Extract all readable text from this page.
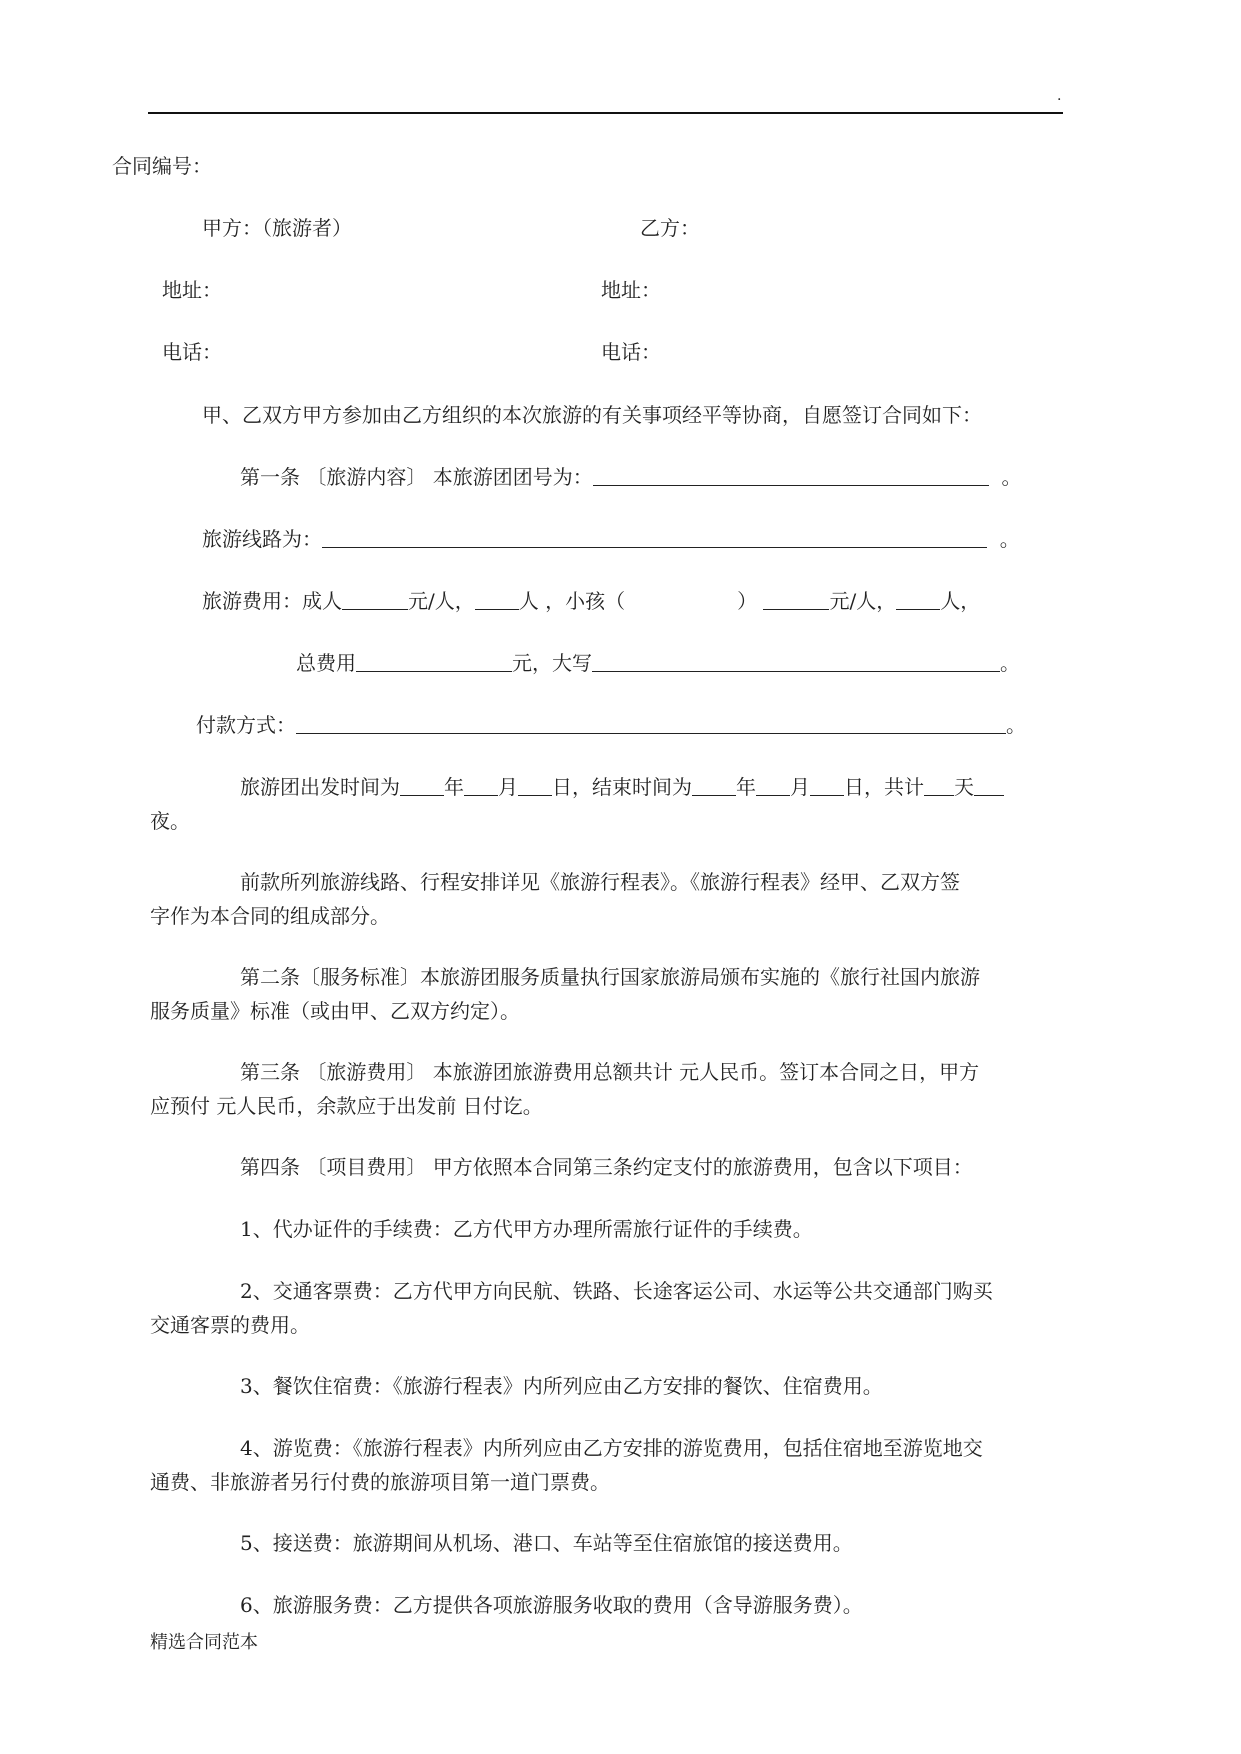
.
合同编号：
甲方：（旅游者）	乙方：
地址：	地址：
电话：	电话：
甲、乙双方甲方参加由乙方组织的本次旅游的有关事项经平等协商，自愿签订合同如下：
第一条 〔旅游内容〕 本旅游团团号为：	。
旅游线路为：	。
旅游费用：成人	元/人， 人 ，小孩（	）	元/人， 人，
总费用	元，大写	。
付款方式：	。
旅游团出发时间为 年 月 日，结束时间为 年 月 日，共计 天
夜。
前款所列旅游线路、行程安排详见《旅游行程表》。《旅游行程表》经甲、乙双方签
字作为本合同的组成部分。
第二条〔服务标准〕本旅游团服务质量执行国家旅游局颁布实施的《旅行社国内旅游
服务质量》标准（或由甲、乙双方约定）。
第三条 〔旅游费用〕 本旅游团旅游费用总额共计 元人民币。签订本合同之日，甲方
应预付 元人民币，余款应于出发前 日付讫。
第四条 〔项目费用〕 甲方依照本合同第三条约定支付的旅游费用，包含以下项目：
1、代办证件的手续费：乙方代甲方办理所需旅行证件的手续费。
2、交通客票费：乙方代甲方向民航、铁路、长途客运公司、水运等公共交通部门购买
交通客票的费用。
3、餐饮住宿费：《旅游行程表》内所列应由乙方安排的餐饮、住宿费用。
4、游览费：《旅游行程表》内所列应由乙方安排的游览费用，包括住宿地至游览地交
通费、非旅游者另行付费的旅游项目第一道门票费。
5、接送费：旅游期间从机场、港口、车站等至住宿旅馆的接送费用。
6、旅游服务费：乙方提供各项旅游服务收取的费用（含导游服务费）。
精选合同范本
